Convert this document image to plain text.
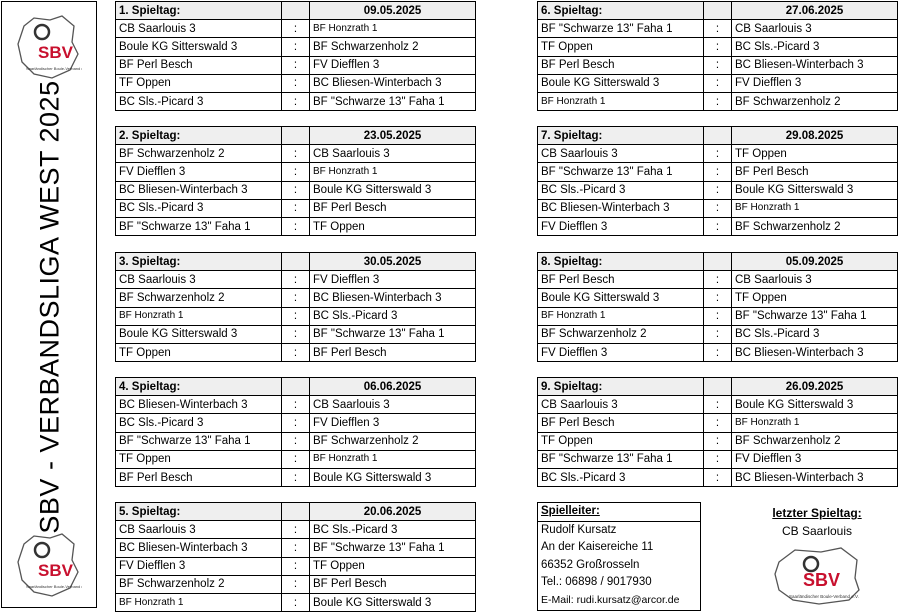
SBV
Saarländischer Boule-Verband e.V.
SBV - VERBANDSLIGA WEST 2025
SBV
Saarländischer Boule-Verband e.V.
1. Spieltag:		09.05.2025
CB Saarlouis 3	:	BF Honzrath 1
Boule KG Sitterswald 3	:	BF Schwarzenholz 2
BF Perl Besch	:	FV Diefflen 3
TF Oppen	:	BC Bliesen-Winterbach 3
BC Sls.-Picard 3	:	BF "Schwarze 13" Faha 1
2. Spieltag:		23.05.2025
BF Schwarzenholz 2	:	CB Saarlouis 3
FV Diefflen 3	:	BF Honzrath 1
BC Bliesen-Winterbach 3	:	Boule KG Sitterswald 3
BC Sls.-Picard 3	:	BF Perl Besch
BF "Schwarze 13" Faha 1	:	TF Oppen
3. Spieltag:		30.05.2025
CB Saarlouis 3	:	FV Diefflen 3
BF Schwarzenholz 2	:	BC Bliesen-Winterbach 3
BF Honzrath 1	:	BC Sls.-Picard 3
Boule KG Sitterswald 3	:	BF "Schwarze 13" Faha 1
TF Oppen	:	BF Perl Besch
4. Spieltag:		06.06.2025
BC Bliesen-Winterbach 3	:	CB Saarlouis 3
BC Sls.-Picard 3	:	FV Diefflen 3
BF "Schwarze 13" Faha 1	:	BF Schwarzenholz 2
TF Oppen	:	BF Honzrath 1
BF Perl Besch	:	Boule KG Sitterswald 3
5. Spieltag:		20.06.2025
CB Saarlouis 3	:	BC Sls.-Picard 3
BC Bliesen-Winterbach 3	:	BF "Schwarze 13" Faha 1
FV Diefflen 3	:	TF Oppen
BF Schwarzenholz 2	:	BF Perl Besch
BF Honzrath 1	:	Boule KG Sitterswald 3
6. Spieltag:		27.06.2025
BF "Schwarze 13" Faha 1	:	CB Saarlouis 3
TF Oppen	:	BC Sls.-Picard 3
BF Perl Besch	:	BC Bliesen-Winterbach 3
Boule KG Sitterswald 3	:	FV Diefflen 3
BF Honzrath 1	:	BF Schwarzenholz 2
7. Spieltag:		29.08.2025
CB Saarlouis 3	:	TF Oppen
BF "Schwarze 13" Faha 1	:	BF Perl Besch
BC Sls.-Picard 3	:	Boule KG Sitterswald 3
BC Bliesen-Winterbach 3	:	BF Honzrath 1
FV Diefflen 3	:	BF Schwarzenholz 2
8. Spieltag:		05.09.2025
BF Perl Besch	:	CB Saarlouis 3
Boule KG Sitterswald 3	:	TF Oppen
BF Honzrath 1	:	BF "Schwarze 13" Faha 1
BF Schwarzenholz 2	:	BC Sls.-Picard 3
FV Diefflen 3	:	BC Bliesen-Winterbach 3
9. Spieltag:		26.09.2025
CB Saarlouis 3	:	Boule KG Sitterswald 3
BF Perl Besch	:	BF Honzrath 1
TF Oppen	:	BF Schwarzenholz 2
BF "Schwarze 13" Faha 1	:	FV Diefflen 3
BC Sls.-Picard 3	:	BC Bliesen-Winterbach 3
Spielleiter:
Rudolf Kursatz
An der Kaisereiche 11
66352 Großrosseln
Tel.: 06898 / 9017930
E-Mail: rudi.kursatz@arcor.de
letzter Spieltag:
CB Saarlouis
SBV
Saarländischer Boule-Verband e.V.
